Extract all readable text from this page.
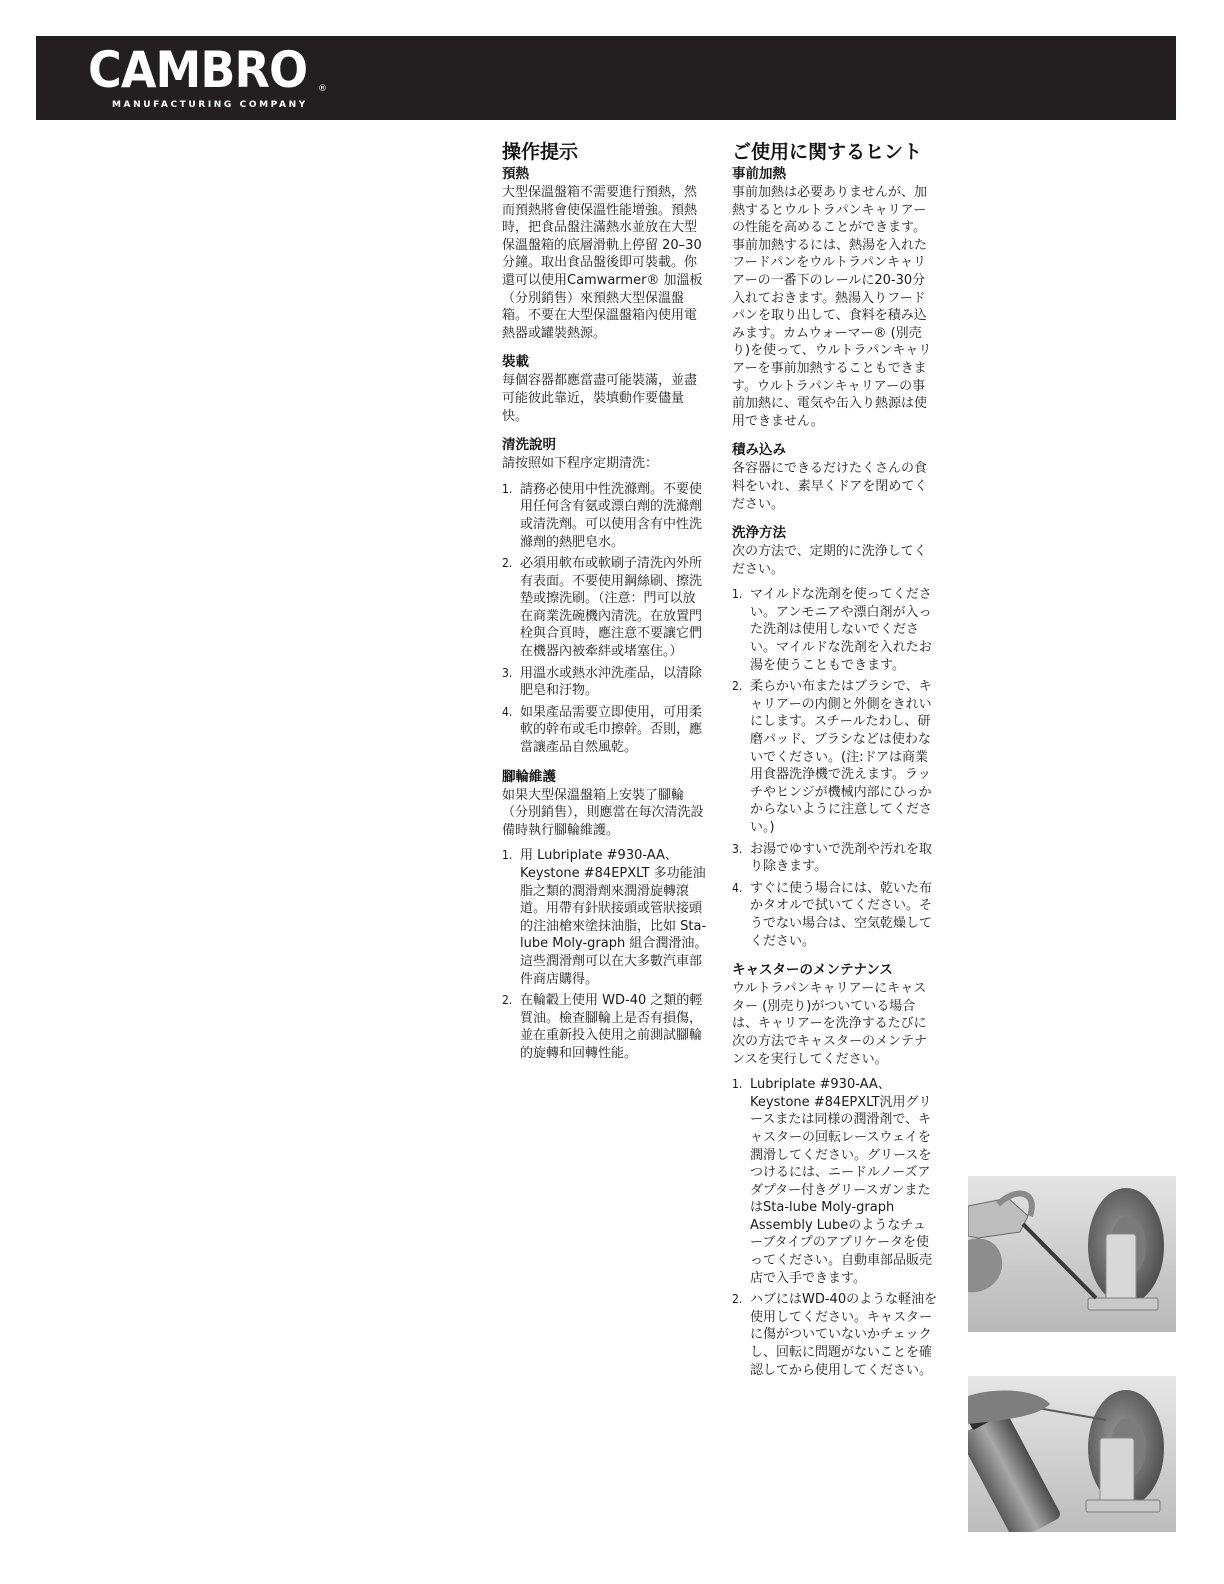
CAMBRO ®
MANUFACTURING COMPANY
操作提示
預熱

大型保溫盤箱不需要進行預熱，然而預熱將會使保溫性能增強。預熱時，把食品盤注滿熱水並放在大型保溫盤箱的底層滑軌上停留 20–30 分鐘。取出食品盤後即可裝載。你還可以使用Camwarmer® 加溫板（分別銷售）來預熱大型保溫盤箱。不要在大型保溫盤箱內使用電熱器或罐裝熱源。

裝載

每個容器都應當盡可能裝滿，並盡可能彼此靠近，裝填動作要儘量快。

清洗說明

請按照如下程序定期清洗：

1. 請務必使用中性洗滌劑。不要使用任何含有氨或漂白劑的洗滌劑或清洗劑。可以使用含有中性洗滌劑的熱肥皂水。
2. 必須用軟布或軟刷子清洗內外所有表面。不要使用鋼絲刷、擦洗墊或擦洗刷。（注意：門可以放在商業洗碗機內清洗。在放置門栓與合頁時，應注意不要讓它們在機器內被牽絆或堵塞住。）
3. 用溫水或熱水沖洗產品，以清除肥皂和汙物。
4. 如果產品需要立即使用，可用柔軟的幹布或毛巾擦幹。否則，應當讓產品自然風乾。
腳輪維護

如果大型保溫盤箱上安裝了腳輪（分別銷售），則應當在每次清洗設備時執行腳輪維護。

1. 用 Lubriplate #930-AA、Keystone #84EPXLT 多功能油脂之類的潤滑劑來潤滑旋轉滾道。用帶有針狀接頭或管狀接頭的注油槍來塗抹油脂，比如 Sta-lube Moly-graph 組合潤滑油。這些潤滑劑可以在大多數汽車部件商店購得。
2. 在輪轂上使用 WD-40 之類的輕質油。檢查腳輪上是否有損傷，並在重新投入使用之前測試腳輪的旋轉和回轉性能。
ご使用に関するヒント
事前加熱

事前加熱は必要ありませんが、加熱するとウルトラパンキャリアーの性能を高めることができます。事前加熱するには、熱湯を入れたフードパンをウルトラパンキャリアーの一番下のレールに20-30分入れておきます。熱湯入りフードパンを取り出して、食料を積み込みます。カムウォーマー® (別売り)を使って、ウルトラパンキャリアーを事前加熱することもできます。ウルトラパンキャリアーの事前加熱に、電気や缶入り熱源は使用できません。

積み込み

各容器にできるだけたくさんの食料をいれ、素早くドアを閉めてください。

洗浄方法

次の方法で、定期的に洗浄してください。

1. マイルドな洗剤を使ってください。アンモニアや漂白剤が入った洗剤は使用しないでください。マイルドな洗剤を入れたお湯を使うこともできます。
2. 柔らかい布またはブラシで、キャリアーの内側と外側をきれいにします。スチールたわし、研磨パッド、ブラシなどは使わないでください。(注:ドアは商業用食器洗浄機で洗えます。ラッチやヒンジが機械内部にひっかからないように注意してください。)
3. お湯でゆすいで洗剤や汚れを取り除きます。
4. すぐに使う場合には、乾いた布かタオルで拭いてください。そうでない場合は、空気乾燥してください。
キャスターのメンテナンス

ウルトラパンキャリアーにキャスター (別売り)がついている場合は、キャリアーを洗浄するたびに次の方法でキャスターのメンテナンスを実行してください。

1. Lubriplate #930-AA、Keystone #84EPXLT汎用グリースまたは同様の潤滑剤で、キャスターの回転レースウェイを潤滑してください。グリースをつけるには、ニードルノーズアダプター付きグリースガンまたはSta-lube Moly-graph Assembly Lubeのようなチューブタイプのアプリケータを使ってください。自動車部品販売店で入手できます。
2. ハブにはWD-40のような軽油を使用してください。キャスターに傷がついていないかチェックし、回転に問題がないことを確認してから使用してください。
